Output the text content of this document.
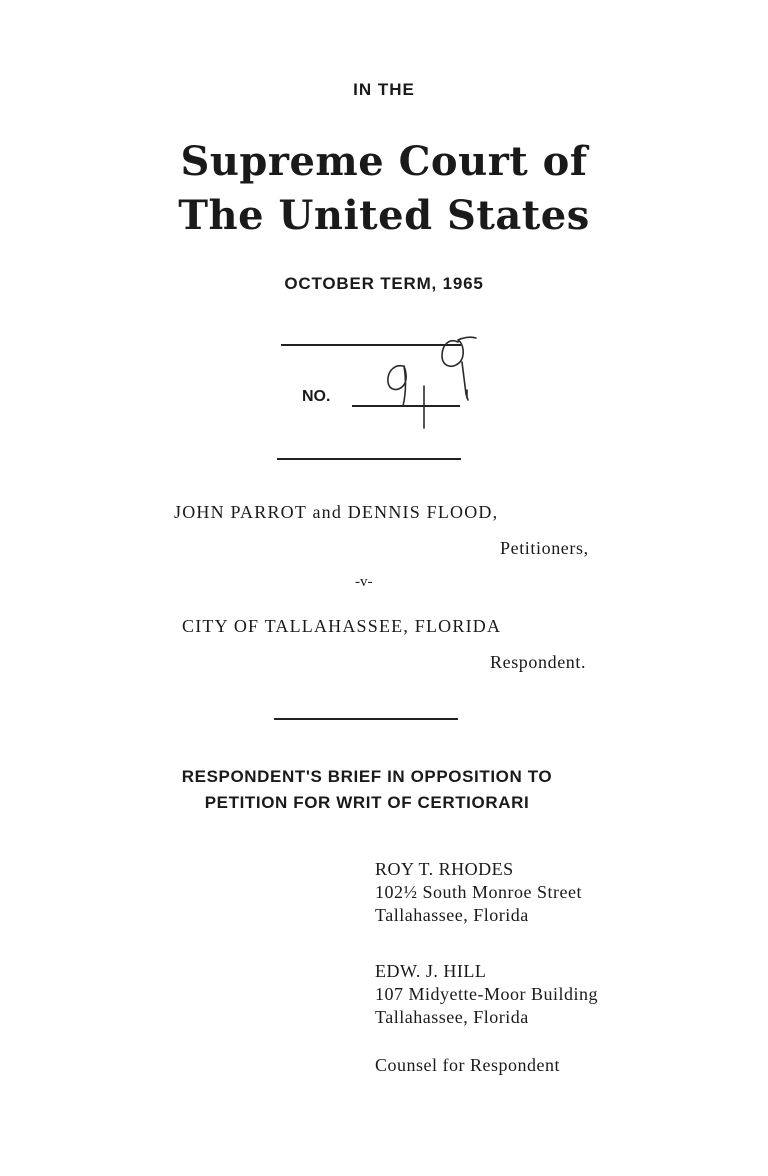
IN THE
Supreme Court of
The United States
OCTOBER TERM, 1965
NO.
JOHN PARROT and DENNIS FLOOD,
Petitioners,
-v-
CITY OF TALLAHASSEE, FLORIDA
Respondent.
RESPONDENT'S BRIEF IN OPPOSITION TO
PETITION FOR WRIT OF CERTIORARI
ROY T. RHODES
102½ South Monroe Street
Tallahassee, Florida
EDW. J. HILL
107 Midyette-Moor Building
Tallahassee, Florida
Counsel for Respondent
